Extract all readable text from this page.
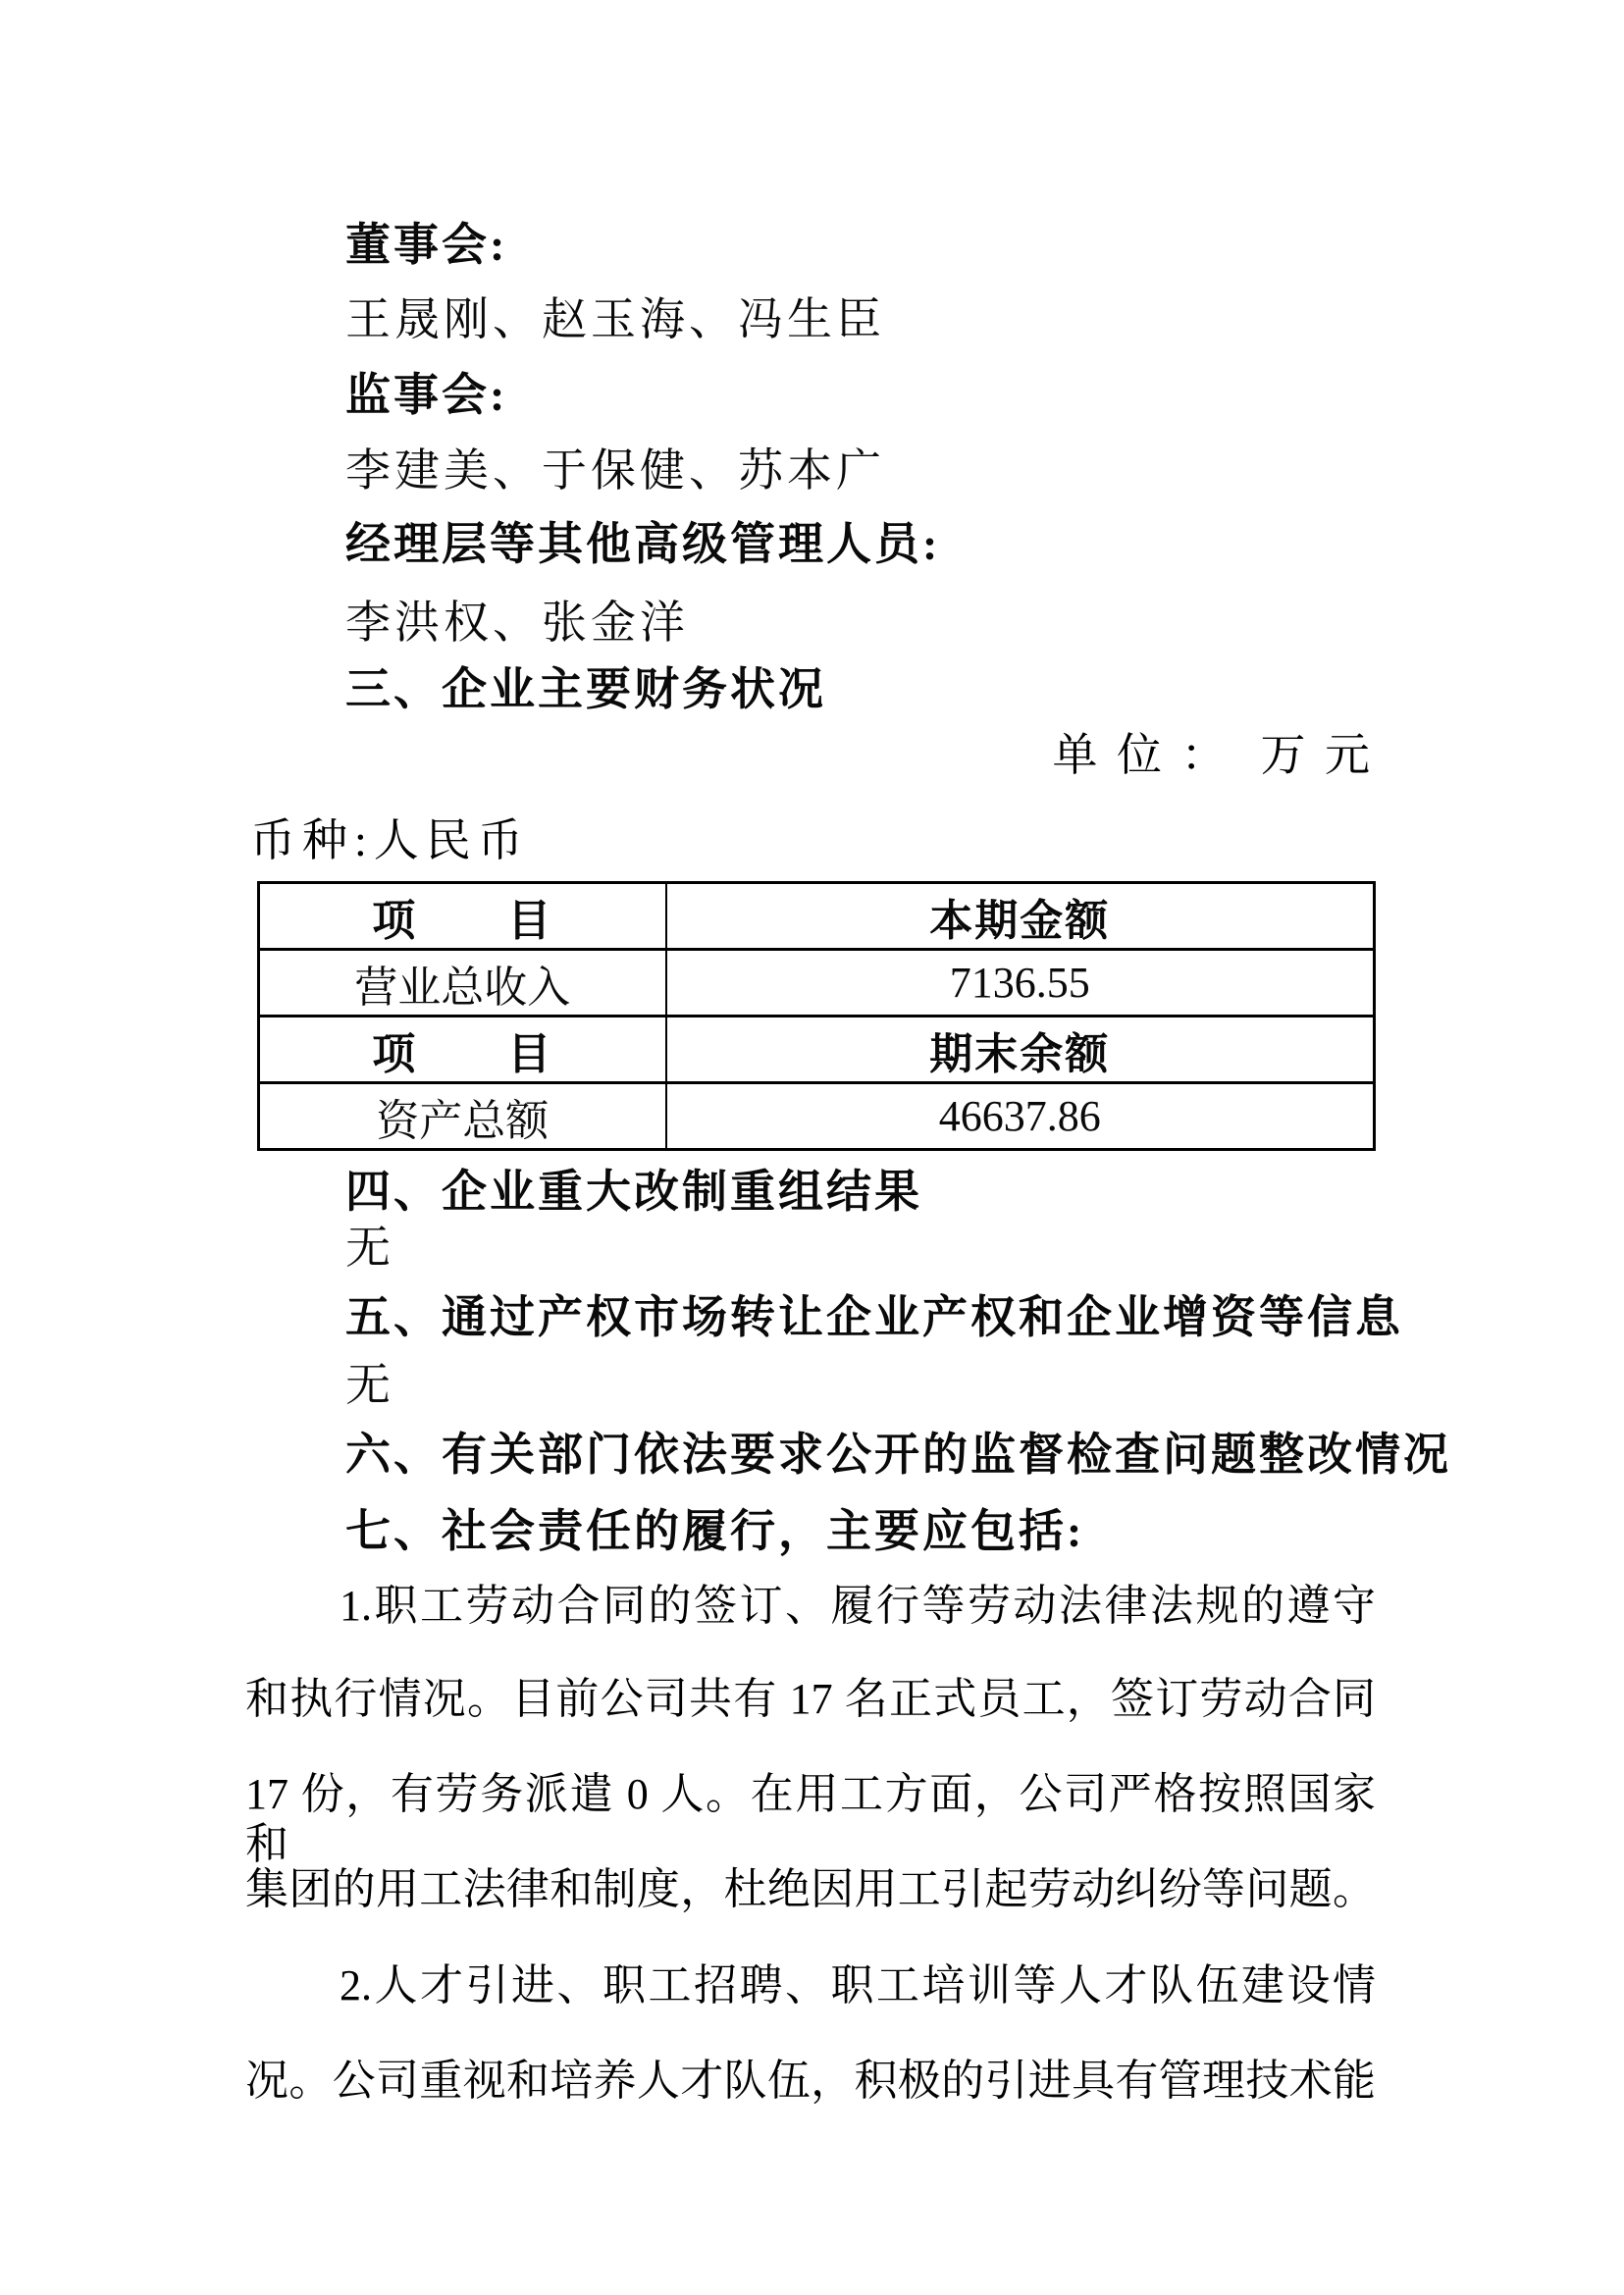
董事会:
王晟刚、赵玉海、冯生臣
监事会:
李建美、于保健、苏本广
经理层等其他高级管理人员:
李洪权、张金洋
三、企业主要财务状况
单 位 ：  万 元
币种:人民币
项　　目	本期金额
营业总收入	7136.55
项　　目	期末余额
资产总额	46637.86
四、企业重大改制重组结果
无
五、通过产权市场转让企业产权和企业增资等信息
无
六、有关部门依法要求公开的监督检查问题整改情况
七、社会责任的履行，主要应包括:
1.职工劳动合同的签订、履行等劳动法律法规的遵守
和执行情况。目前公司共有 17 名正式员工，签订劳动合同
17 份，有劳务派遣 0 人。在用工方面，公司严格按照国家和
集团的用工法律和制度，杜绝因用工引起劳动纠纷等问题。
2.人才引进、职工招聘、职工培训等人才队伍建设情
况。公司重视和培养人才队伍，积极的引进具有管理技术能
